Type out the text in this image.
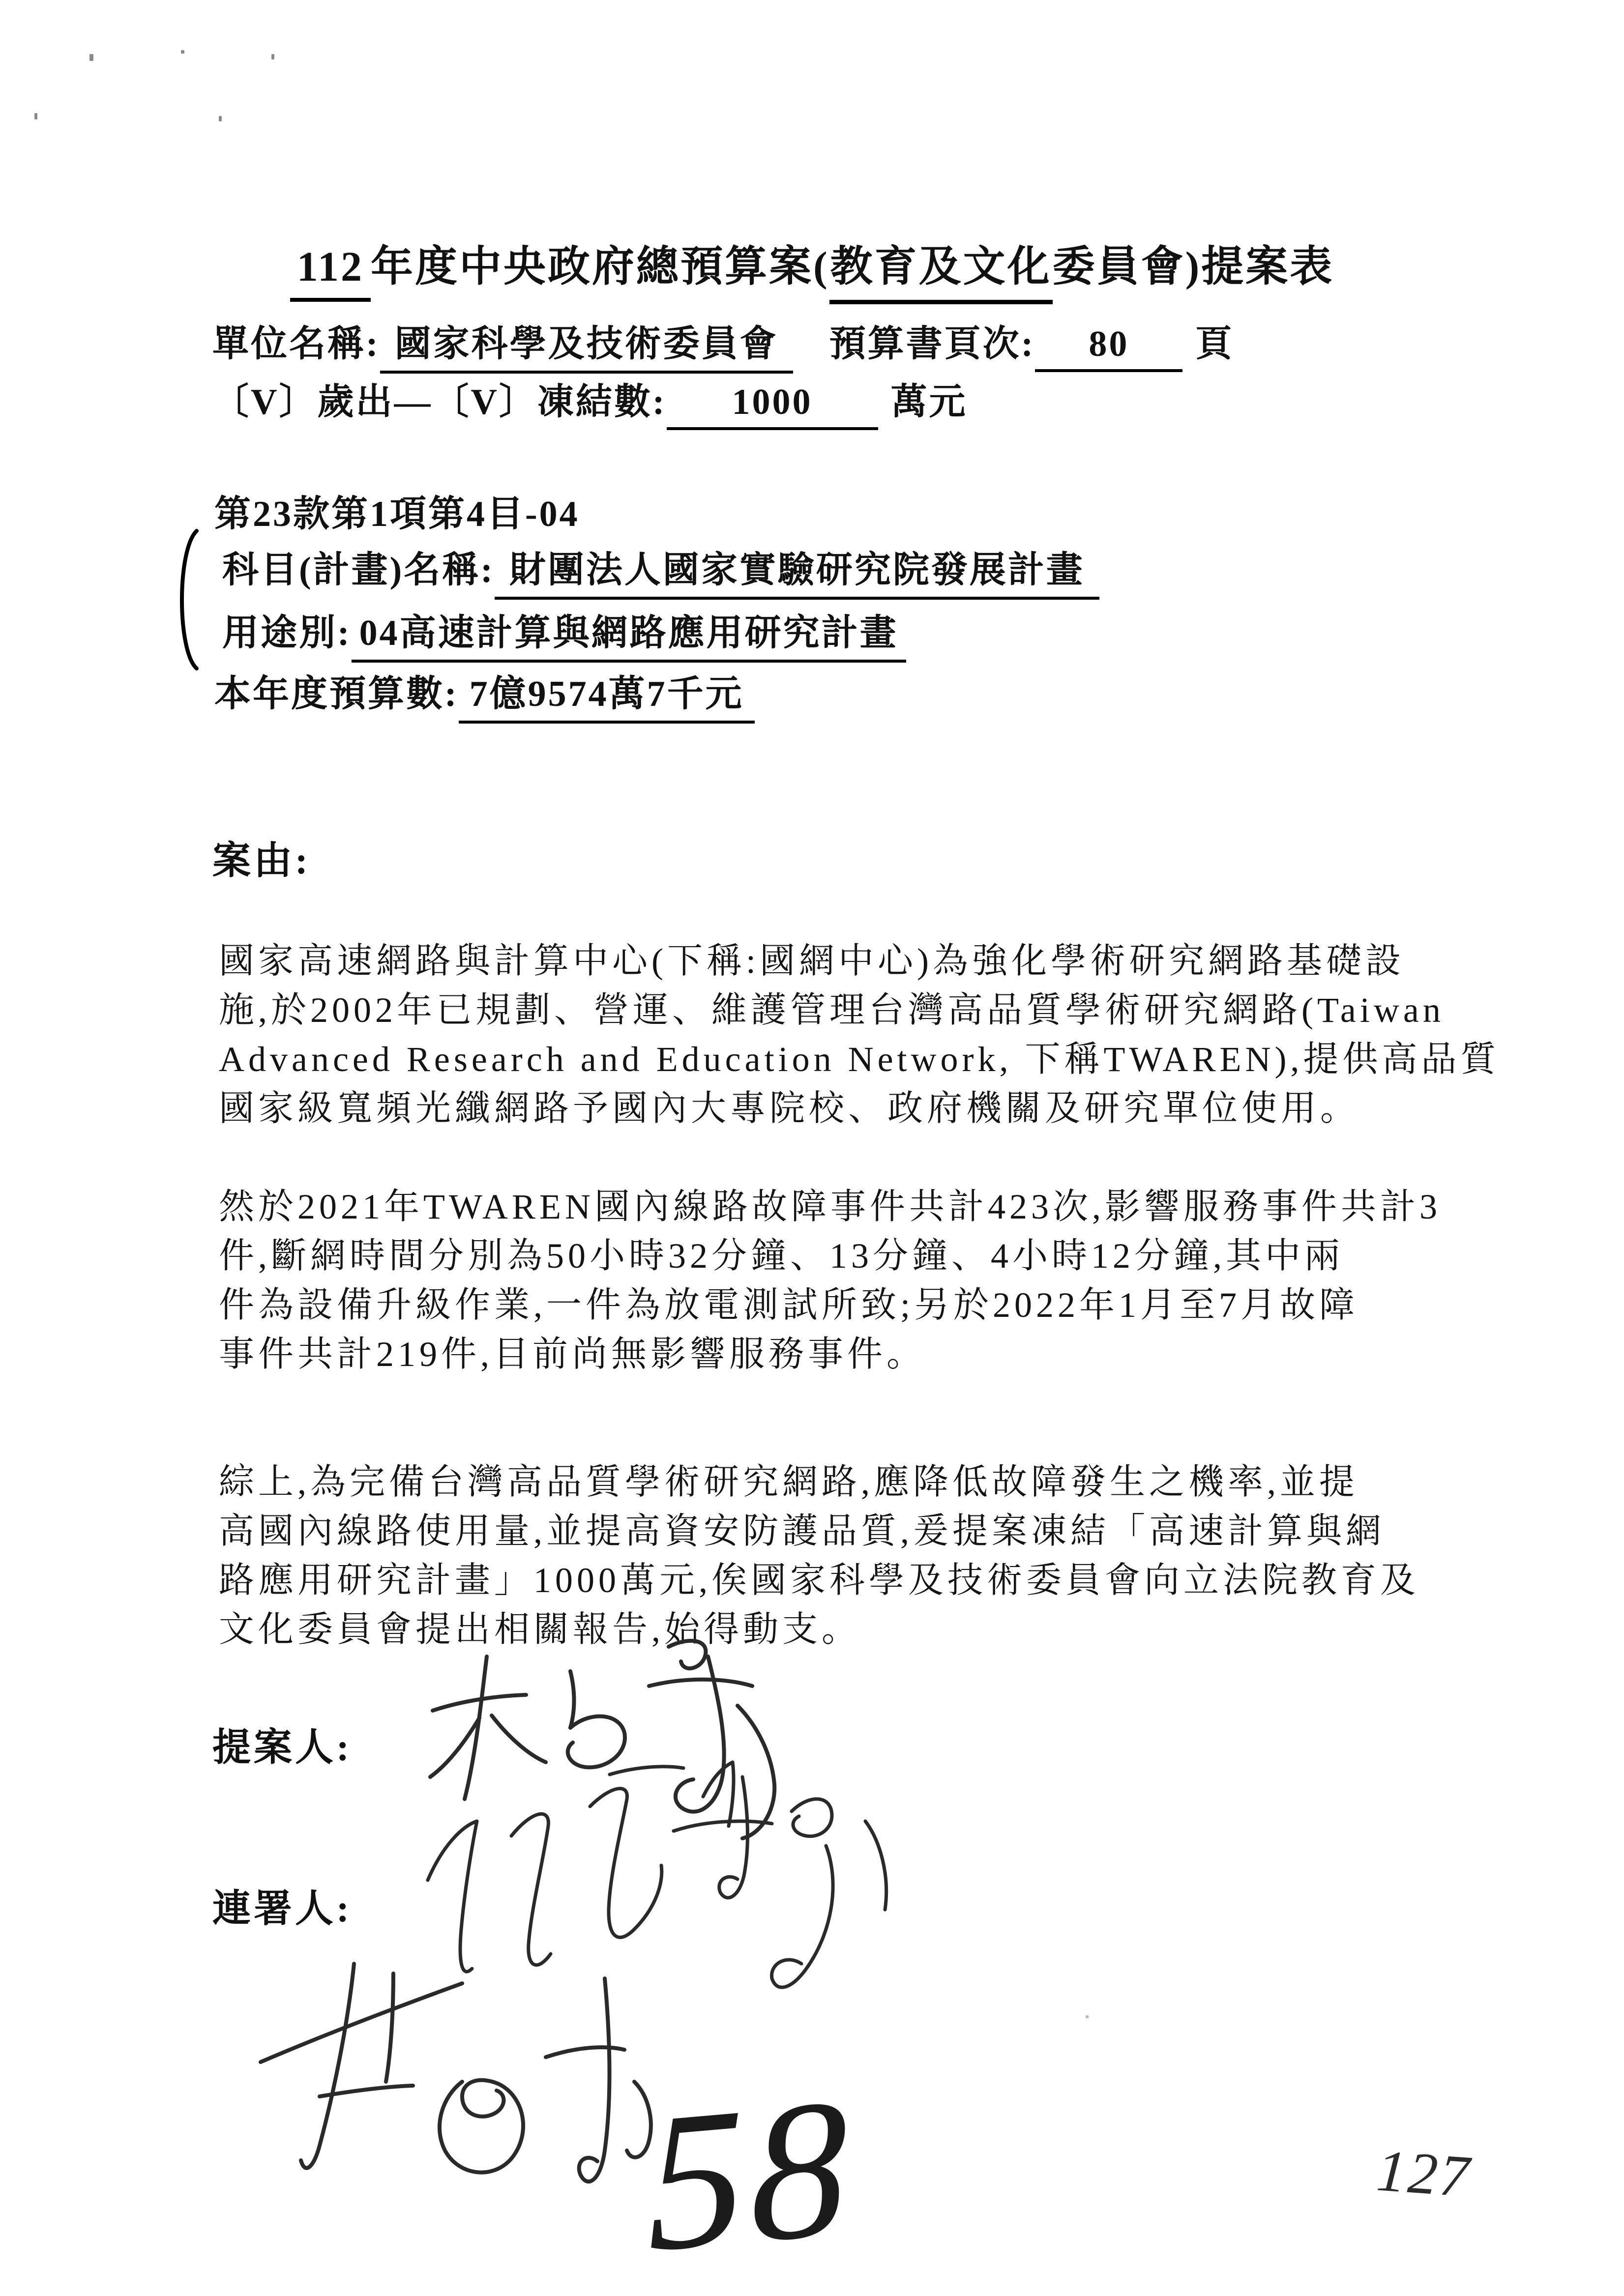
112 年度中央政府總預算案(教育及文化委員會)提案表
單位名稱: 國家科學及技術委員會 預算書頁次: 80 頁
〔V〕歲出—〔V〕凍結數: 1000 萬元
第23款第1項第4目-04
科目(計畫)名稱: 財團法人國家實驗研究院發展計畫
用途別: 04高速計算與網路應用研究計畫
本年度預算數: 7億9574萬7千元
案由:
國家高速網路與計算中心(下稱:國網中心)為強化學術研究網路基礎設
施,於2002年已規劃、營運、維護管理台灣高品質學術研究網路(Taiwan
Advanced Research and Education Network, 下稱TWAREN),提供高品質
國家級寬頻光纖網路予國內大專院校、政府機關及研究單位使用。
然於2021年TWAREN國內線路故障事件共計423次,影響服務事件共計3
件,斷網時間分別為50小時32分鐘、13分鐘、4小時12分鐘,其中兩
件為設備升級作業,一件為放電測試所致;另於2022年1月至7月故障
事件共計219件,目前尚無影響服務事件。
綜上,為完備台灣高品質學術研究網路,應降低故障發生之機率,並提
高國內線路使用量,並提高資安防護品質,爰提案凍結「高速計算與網
路應用研究計畫」1000萬元,俟國家科學及技術委員會向立法院教育及
文化委員會提出相關報告,始得動支。
提案人:
連署人:
58	127
